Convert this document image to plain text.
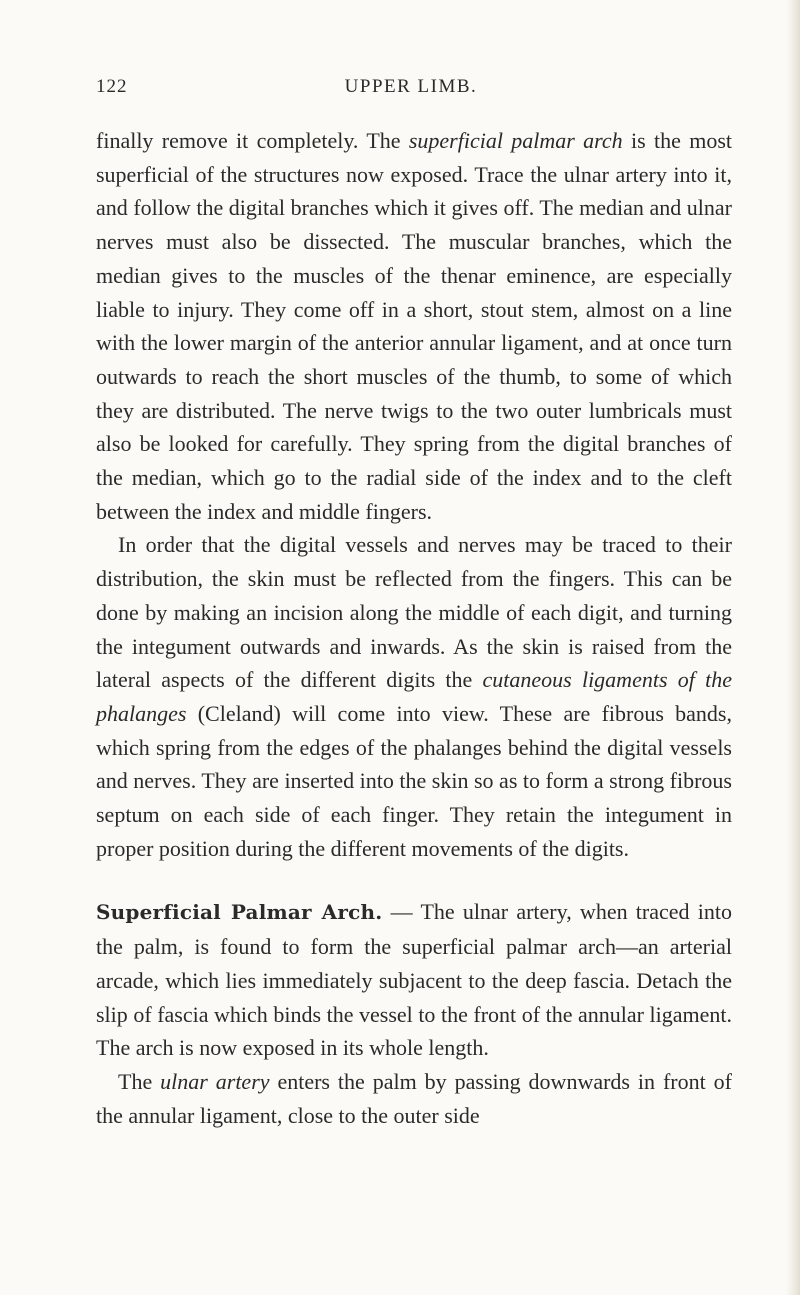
122	UPPER LIMB.

finally remove it completely. The superficial palmar arch is the most superficial of the structures now exposed. Trace the ulnar artery into it, and follow the digital branches which it gives off. The median and ulnar nerves must also be dissected. The muscular branches, which the median gives to the muscles of the thenar eminence, are especially liable to injury. They come off in a short, stout stem, almost on a line with the lower margin of the anterior annular ligament, and at once turn outwards to reach the short muscles of the thumb, to some of which they are distributed. The nerve twigs to the two outer lumbricals must also be looked for carefully. They spring from the digital branches of the median, which go to the radial side of the index and to the cleft between the index and middle fingers.

In order that the digital vessels and nerves may be traced to their distribution, the skin must be reflected from the fingers. This can be done by making an incision along the middle of each digit, and turning the integument outwards and inwards. As the skin is raised from the lateral aspects of the different digits the cutaneous ligaments of the phalanges (Cleland) will come into view. These are fibrous bands, which spring from the edges of the phalanges behind the digital vessels and nerves. They are inserted into the skin so as to form a strong fibrous septum on each side of each finger. They retain the integument in proper position during the different movements of the digits.

Superficial Palmar Arch. — The ulnar artery, when traced into the palm, is found to form the superficial palmar arch—an arterial arcade, which lies immediately subjacent to the deep fascia. Detach the slip of fascia which binds the vessel to the front of the annular ligament. The arch is now exposed in its whole length.

The ulnar artery enters the palm by passing downwards in front of the annular ligament, close to the outer side
